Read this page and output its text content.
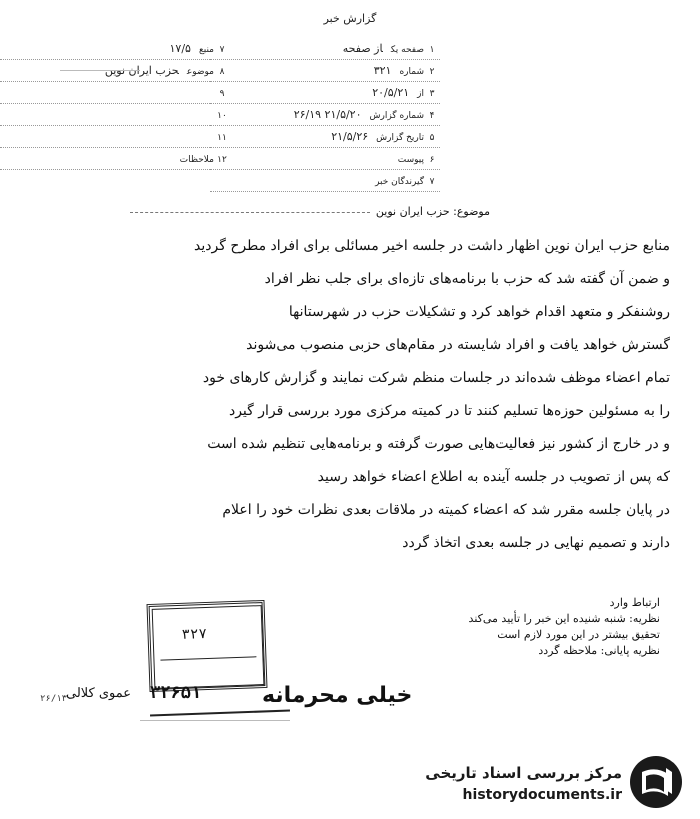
گزارش خبر
۱صفحه یکاز صفحه
۲شماره۳۲۱
۳از۲۰/۵/۲۱
۴شماره گزارش۲۱/۵/۲۰ ۲۶/۱۹
۵تاریخ گزارش۲۱/۵/۲۶
۶پیوست
۷گیرندگان خبر
۷منبع۱۷/۵
۸موضوعحزب ایران نوین
۹
۱۰
۱۱
۱۲ملاحظات
موضوع: حزب ایران نوین

منابع حزب ایران نوین اظهار داشت در جلسه اخیر مسائلی برای افراد مطرح گردید

و ضمن آن گفته شد که حزب با برنامه‌های تازه‌ای برای جلب نظر افراد

روشنفکر و متعهد اقدام خواهد کرد و تشکیلات حزب در شهرستانها

گسترش خواهد یافت و افراد شایسته در مقام‌های حزبی منصوب می‌شوند

تمام اعضاء موظف شده‌اند در جلسات منظم شرکت نمایند و گزارش کارهای خود

را به مسئولین حوزه‌ها تسلیم کنند تا در کمیته مرکزی مورد بررسی قرار گیرد

و در خارج از کشور نیز فعالیت‌هایی صورت گرفته و برنامه‌هایی تنظیم شده است

که پس از تصویب در جلسه آینده به اطلاع اعضاء خواهد رسید

در پایان جلسه مقرر شد که اعضاء کمیته در ملاقات بعدی نظرات خود را اعلام

دارند و تصمیم نهایی در جلسه بعدی اتخاذ گردد

ارتباط وارد

نظریه: شنبه شنیده این خبر را تأیید می‌کند

تحقیق بیشتر در این مورد لازم است

نظریه پایانی: ملاحظه گردد

۳۲۷
۳۲۶۵۱
عموی کلالی	خیلی محرمانه
۲۶/۱۳۰
مرکز بررسی اسناد تاریخی
historydocuments.ir
